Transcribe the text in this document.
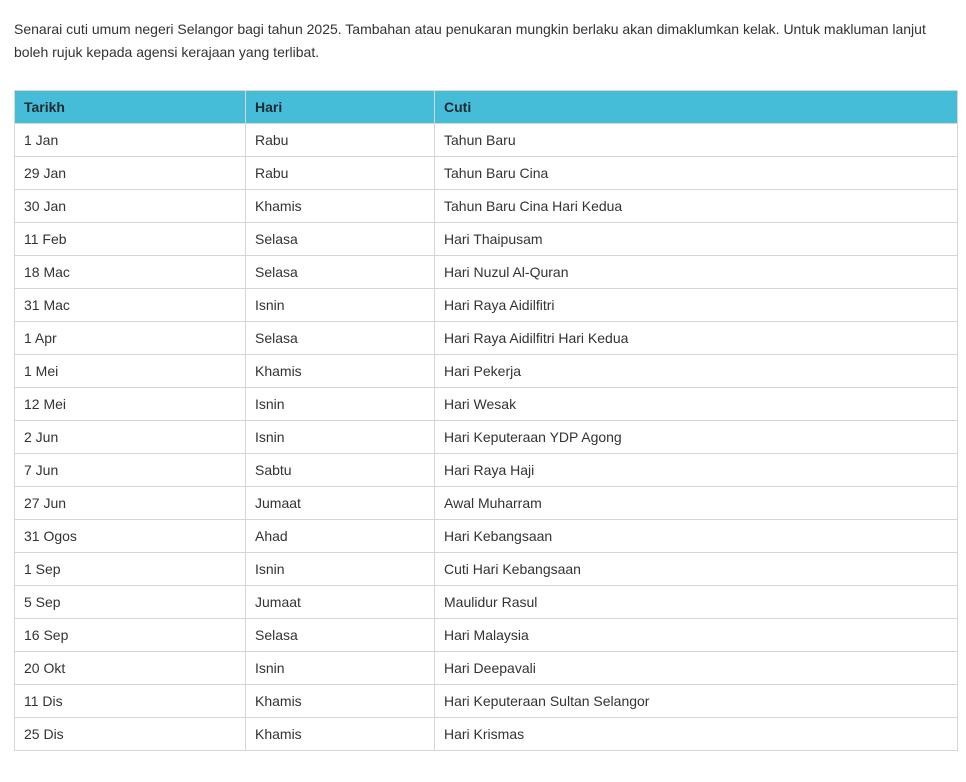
Senarai cuti umum negeri Selangor bagi tahun 2025. Tambahan atau penukaran mungkin berlaku akan dimaklumkan kelak. Untuk makluman lanjut boleh rujuk kepada agensi kerajaan yang terlibat.

Tarikh	Hari	Cuti
1 Jan	Rabu	Tahun Baru
29 Jan	Rabu	Tahun Baru Cina
30 Jan	Khamis	Tahun Baru Cina Hari Kedua
11 Feb	Selasa	Hari Thaipusam
18 Mac	Selasa	Hari Nuzul Al-Quran
31 Mac	Isnin	Hari Raya Aidilfitri
1 Apr	Selasa	Hari Raya Aidilfitri Hari Kedua
1 Mei	Khamis	Hari Pekerja
12 Mei	Isnin	Hari Wesak
2 Jun	Isnin	Hari Keputeraan YDP Agong
7 Jun	Sabtu	Hari Raya Haji
27 Jun	Jumaat	Awal Muharram
31 Ogos	Ahad	Hari Kebangsaan
1 Sep	Isnin	Cuti Hari Kebangsaan
5 Sep	Jumaat	Maulidur Rasul
16 Sep	Selasa	Hari Malaysia
20 Okt	Isnin	Hari Deepavali
11 Dis	Khamis	Hari Keputeraan Sultan Selangor
25 Dis	Khamis	Hari Krismas
